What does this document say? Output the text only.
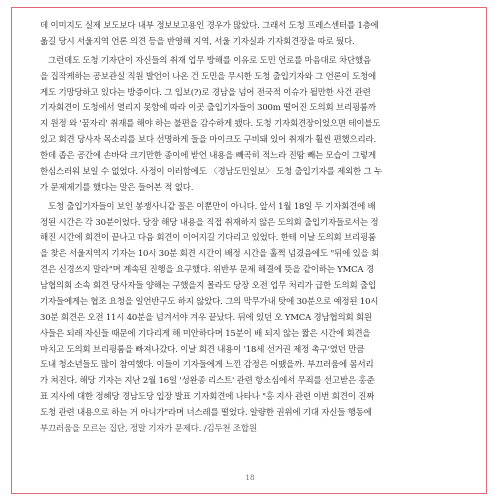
데 이미지도 실제 보도보다 내부 정보보고용인 경우가 많았다. 그래서 도청 프레스센터를 1층에
옮길 당시 서울지역 언론 의견 등을 반영해 지역, 서울 기자실과 기자회견장을 따로 뒀다.
그런데도 도청 기자단이 자신들의 취재 업무 방해를 이유로 도민 언로를 마음대로 차단했음
을 집작케하는 공보관실 직원 발언이 나온 건 도민을 무시한 도청 출입기자와 그 언론이 도청에
게도 기망당하고 있다는 방증이다. 그 입보(?)로 경남을 넘어 전국적 이슈가 될만한 사건 관련
기자회견이 도청에서 열리지 못함에 따라 이곳 출입기자들이 300m 떨어진 도의회 브리핑룸까
지 원정 와 '꿈자리' 취재를 해야 하는 불편을 감수하게 됐다. 도청 기자회견장이었으면 테이블도
있고 회견 당사자 목소리를 보다 선명하게 들을 마이크도 구비돼 있어 취재가 훨씬 편했으리라.
한데 좁은 공간에 손바닥 크기만한 종이에 받언 내용을 빼곡히 적느라 진땀 빼는 모습이 그렇게
한심스러워 보일 수 없었다. 사정이 이러함에도 〈경남도민일보〉 도청 출입기자를 제외한 그 누
가 문제제기를 했다는 말은 들어본 적 없다.
도청 출입기자들이 보인 봉쟁사니같 꼴은 이뿐만이 아니다. 앞서 1월 18일 두 기자회견에 배
정된 시간은 각 30분이었다. 당장 해당 내용을 직접 취재하지 않은 도의회 출입기자들로서는 정
해진 시간에 회견이 끝나고 다음 회견이 이어지길 기다리고 있었다. 한테 이날 도의회 브리핑룸
을 찾은 서울지역지 기자는 10시 30분 회견 시간이 배정 시간을 훌쩍 넘겼음에도 "뒤에 있을 회
견은 신경쓰지 말라"며 계속된 진행을 요구했다. 위반부 문제 해결에 뜻을 같이하는 YMCA 경
남협의회 소속 회견 당사자들 양해는 구했을지 몰라도 당장 오전 업무 처리가 급한 도의회 출입
기자들에게는 협조 요청을 일언반구도 하지 않았다. 그의 막무가내 탓에 30분으로 예정된 10시
30분 회견은 오전 11시 40분을 넘겨서야 겨우 끝났다. 뒤에 있던 오 YMCA 경남협의회 회원
사들은 되레 자신들 때문에 기다리게 해 미안하다며 15분이 배 되지 않는 짧은 시간에 회견을
마치고 도의회 브리핑룸을 빠져나갔다. 이날 회견 내용이 '18세 선거권 제정 촉구'였던 만큼
도내 청소년들도 많이 참여했다. 이들이 기자들에게 느낀 감정은 어땠을까. 부끄러움에 몸서리
가 쳐진다. 해당 기자는 지난 2월 16일 '성완종 리스트' 관련 항소심에서 무죄를 선고받은 홍준
표 지사에 대한 정혜당 경남도당 입장 발표 기자회견에 나타나 "홍 지사 관련 이번 회견이 진짜
도청 관련 내용으로 하는 거 아니가"라며 너스레를 떨었다. 알량한 권위에 기대 자신들 행동에
부끄러움을 모르는 집단, 정말 기자가 문제다. /김두천 조합원
18
